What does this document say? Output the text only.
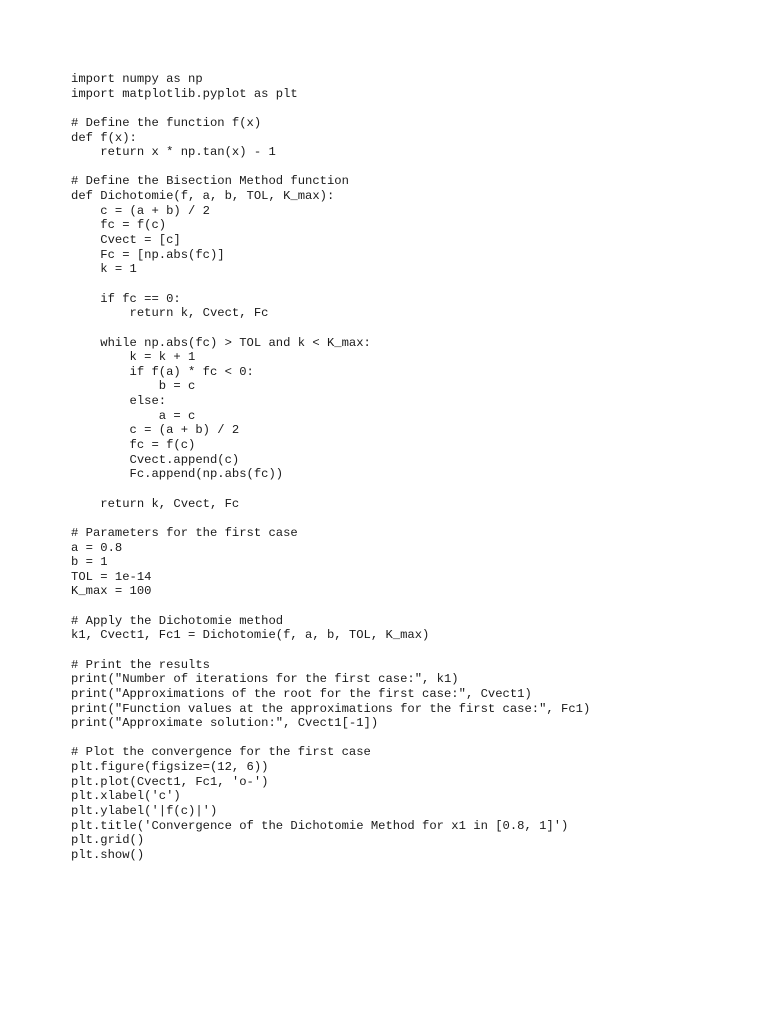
import numpy as np
import matplotlib.pyplot as plt
# Define the function f(x)
def f(x):
return x * np.tan(x) - 1
# Define the Bisection Method function
def Dichotomie(f, a, b, TOL, K_max):
c = (a + b) / 2
fc = f(c)
Cvect = [c]
Fc = [np.abs(fc)]
k = 1
if fc == 0:
return k, Cvect, Fc
while np.abs(fc) > TOL and k < K_max:
k = k + 1
if f(a) * fc < 0:
b = c
else:
a = c
c = (a + b) / 2
fc = f(c)
Cvect.append(c)
Fc.append(np.abs(fc))
return k, Cvect, Fc
# Parameters for the first case
a = 0.8
b = 1
TOL = 1e-14
K_max = 100
# Apply the Dichotomie method
k1, Cvect1, Fc1 = Dichotomie(f, a, b, TOL, K_max)
# Print the results
print("Number of iterations for the first case:", k1)
print("Approximations of the root for the first case:", Cvect1)
print("Function values at the approximations for the first case:", Fc1)
print("Approximate solution:", Cvect1[-1])
# Plot the convergence for the first case
plt.figure(figsize=(12, 6))
plt.plot(Cvect1, Fc1, 'o-')
plt.xlabel('c')
plt.ylabel('|f(c)|')
plt.title('Convergence of the Dichotomie Method for x1 in [0.8, 1]')
plt.grid()
plt.show()
